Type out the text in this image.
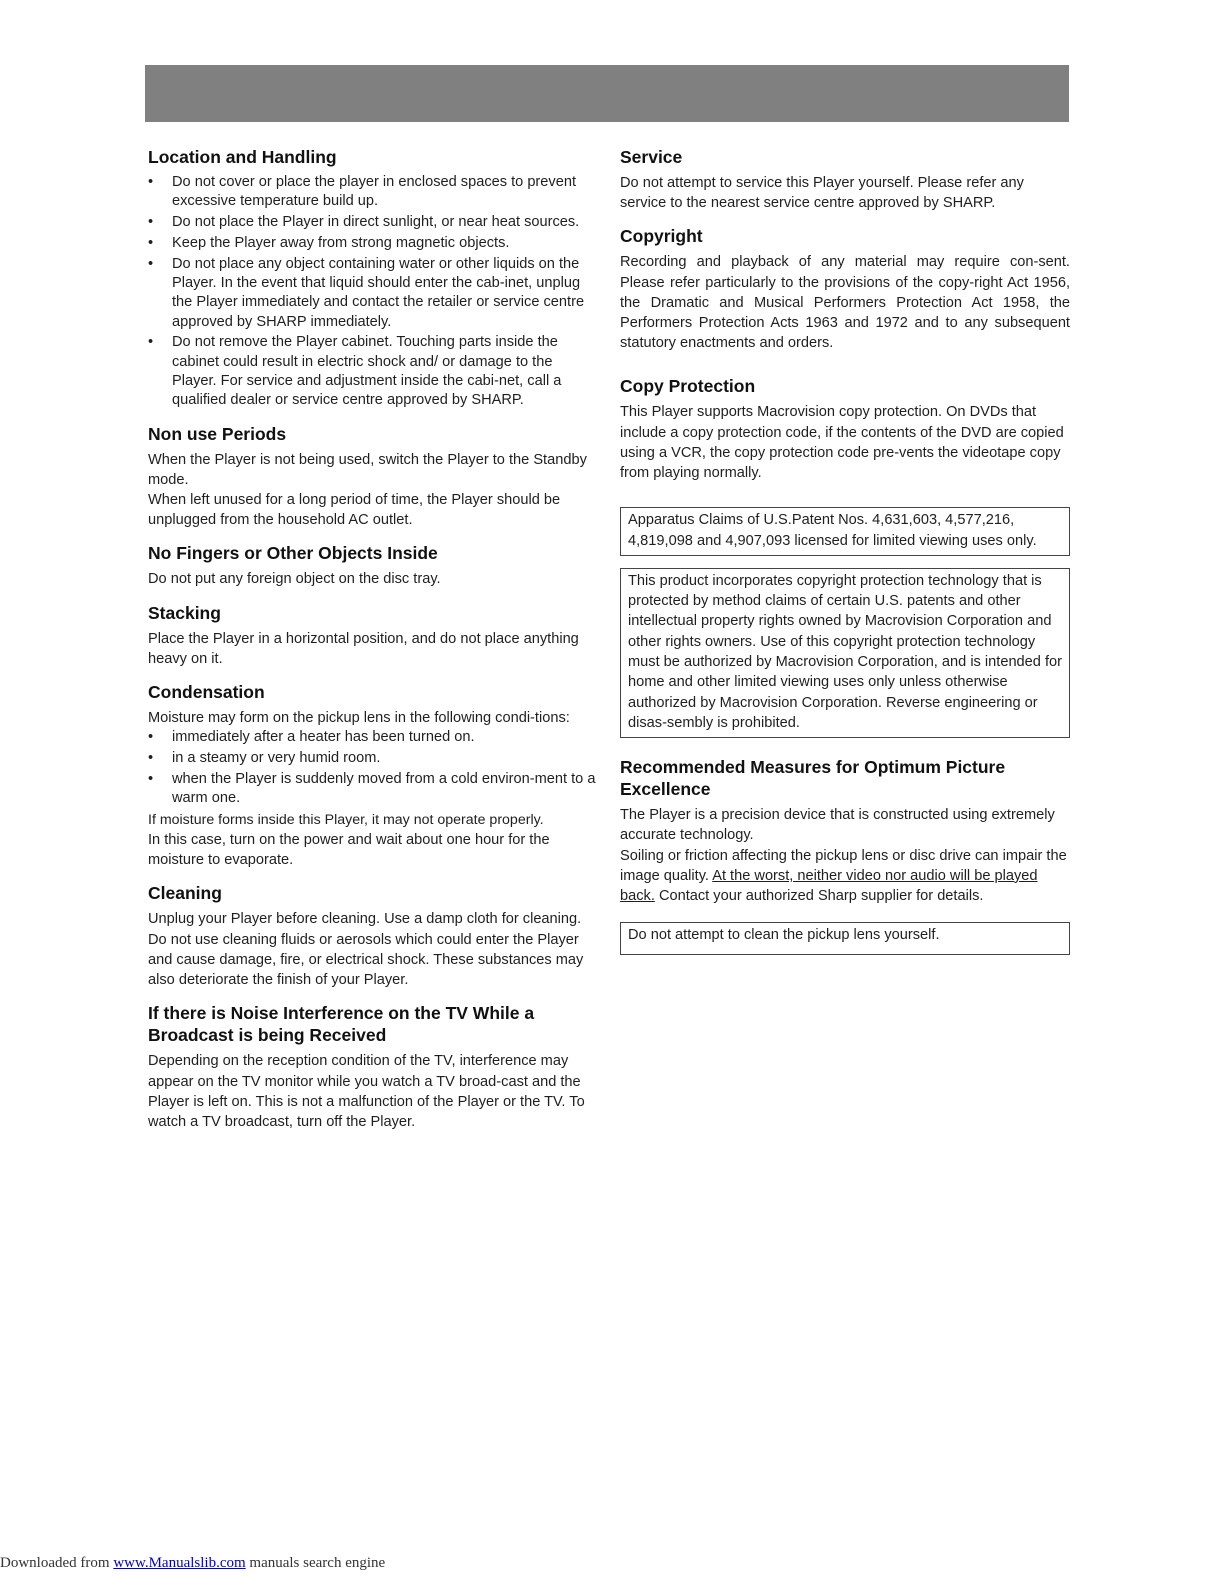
Location and Handling
• Do not cover or place the player in enclosed spaces to prevent excessive temperature build up.
• Do not place the Player in direct sunlight, or near heat sources.
• Keep the Player away from strong magnetic objects.
• Do not place any object containing water or other liquids on the Player. In the event that liquid should enter the cab-inet, unplug the Player immediately and contact the retailer or service centre approved by SHARP immediately.
• Do not remove the Player cabinet. Touching parts inside the cabinet could result in electric shock and/ or damage to the Player. For service and adjustment inside the cabi-net, call a qualified dealer or service centre approved by SHARP.
Non use Periods

When the Player is not being used, switch the Player to the Standby mode.

When left unused for a long period of time, the Player should be unplugged from the household AC outlet.

No Fingers or Other Objects Inside

Do not put any foreign object on the disc tray.

Stacking

Place the Player in a horizontal position, and do not place anything heavy on it.

Condensation

Moisture may form on the pickup lens in the following condi-tions:

• immediately after a heater has been turned on.
• in a steamy or very humid room.
• when the Player is suddenly moved from a cold environ-ment to a warm one.

If moisture forms inside this Player, it may not operate properly.

In this case, turn on the power and wait about one hour for the moisture to evaporate.

Cleaning

Unplug your Player before cleaning. Use a damp cloth for cleaning. Do not use cleaning fluids or aerosols which could enter the Player and cause damage, fire, or electrical shock. These substances may also deteriorate the finish of your Player.

If there is Noise Interference on the TV While a Broadcast is being Received

Depending on the reception condition of the TV, interference may appear on the TV monitor while you watch a TV broad-cast and the Player is left on. This is not a malfunction of the Player or the TV. To watch a TV broadcast, turn off the Player.

Service

Do not attempt to service this Player yourself. Please refer any service to the nearest service centre approved by SHARP.

Copyright

Recording and playback of any material may require con-sent. Please refer particularly to the provisions of the copy-right Act 1956, the Dramatic and Musical Performers Protection Act 1958, the Performers Protection Acts 1963 and 1972 and to any subsequent statutory enactments and orders.

Copy Protection

This Player supports Macrovision copy protection. On DVDs that include a copy protection code, if the contents of the DVD are copied using a VCR, the copy protection code pre-vents the videotape copy from playing normally.

Apparatus Claims of U.S.Patent Nos. 4,631,603, 4,577,216, 4,819,098 and 4,907,093 licensed for limited viewing uses only.

This product incorporates copyright protection technology that is protected by method claims of certain U.S. patents and other intellectual property rights owned by Macrovision Corporation and other rights owners. Use of this copyright protection technology must be authorized by Macrovision Corporation, and is intended for home and other limited viewing uses only unless otherwise authorized by Macrovision Corporation. Reverse engineering or disas-sembly is prohibited.

Recommended Measures for Optimum Picture Excellence

The Player is a precision device that is constructed using extremely accurate technology.

Soiling or friction affecting the pickup lens or disc drive can impair the image quality. At the worst, neither video nor audio will be played back. Contact your authorized Sharp supplier for details.

Do not attempt to clean the pickup lens yourself.

Downloaded from www.Manualslib.com manuals search engine
